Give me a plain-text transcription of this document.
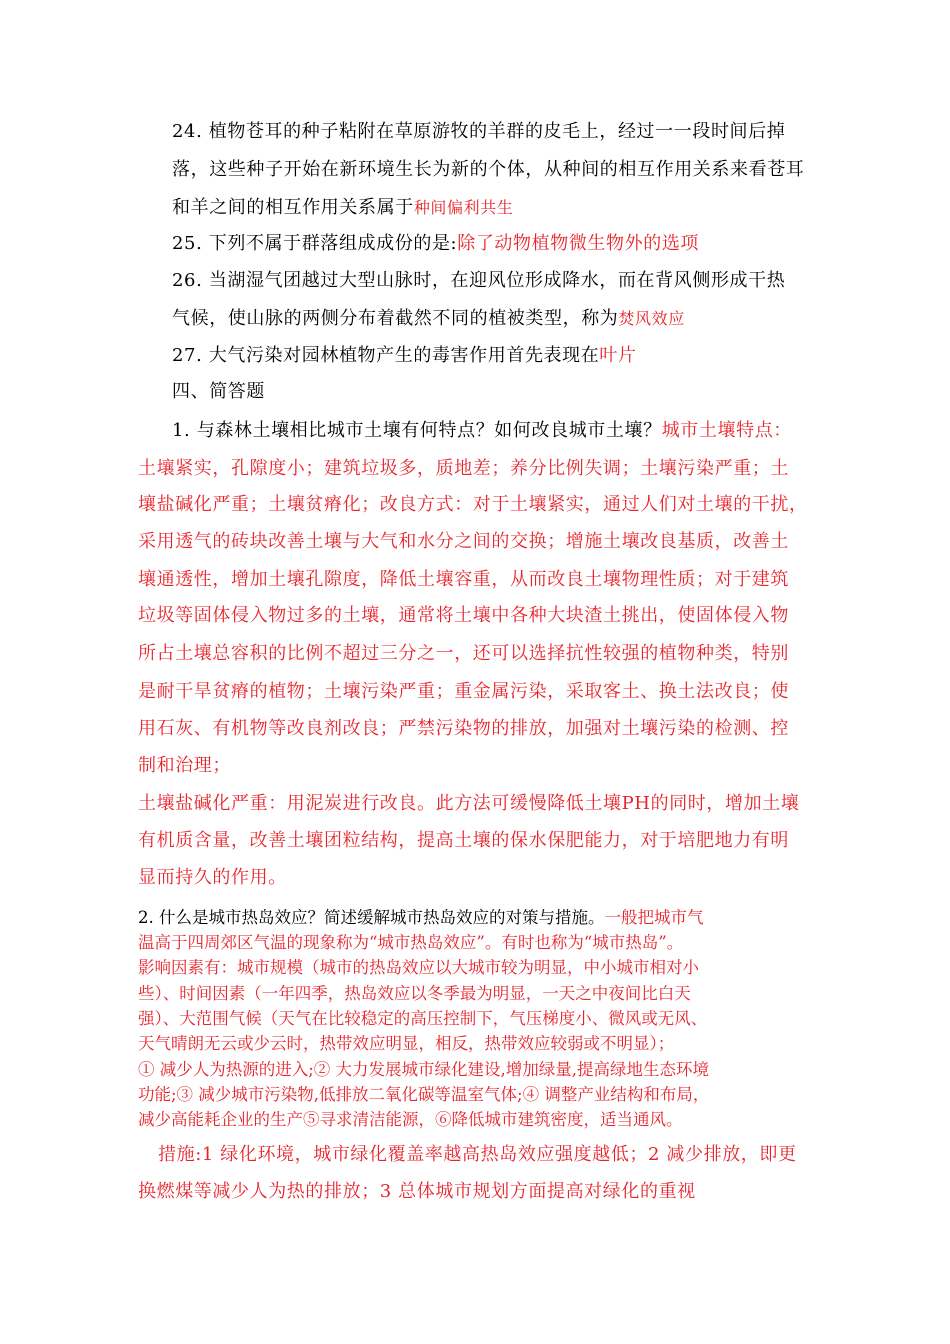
24. 植物苍耳的种子粘附在草原游牧的羊群的皮毛上，经过一一段时间后掉
落，这些种子开始在新环境生长为新的个体，从种间的相互作用关系来看苍耳
和羊之间的相互作用关系属于种间偏利共生
25. 下列不属于群落组成成份的是:除了动物植物微生物外的选项
26. 当湖湿气团越过大型山脉时，在迎风位形成降水，而在背风侧形成干热
气候，使山脉的两侧分布着截然不同的植被类型，称为焚风效应
27. 大气污染对园林植物产生的毒害作用首先表现在叶片
四、简答题
1. 与森林土壤相比城市土壤有何特点？如何改良城市土壤？城市土壤特点：
土壤紧实，孔隙度小；建筑垃圾多，质地差；养分比例失调；土壤污染严重；土
壤盐碱化严重；土壤贫瘠化；改良方式：对于土壤紧实，通过人们对土壤的干扰，
采用透气的砖块改善土壤与大气和水分之间的交换；增施土壤改良基质，改善土
壤通透性，增加土壤孔隙度，降低土壤容重，从而改良土壤物理性质；对于建筑
垃圾等固体侵入物过多的土壤，通常将土壤中各种大块渣土挑出，使固体侵入物
所占土壤总容积的比例不超过三分之一，还可以选择抗性较强的植物种类，特别
是耐干旱贫瘠的植物；土壤污染严重；重金属污染，采取客土、换土法改良；使
用石灰、有机物等改良剂改良；严禁污染物的排放，加强对土壤污染的检测、控
制和治理；
土壤盐碱化严重：用泥炭进行改良。此方法可缓慢降低土壤PH的同时，增加土壤
有机质含量，改善土壤团粒结构，提高土壤的保水保肥能力，对于培肥地力有明
显而持久的作用。
2. 什么是城市热岛效应？简述缓解城市热岛效应的对策与措施。一般把城市气
温高于四周郊区气温的现象称为“城市热岛效应”。有时也称为“城市热岛”。
影响因素有：城市规模（城市的热岛效应以大城市较为明显，中小城市相对小
些）、时间因素（一年四季，热岛效应以冬季最为明显，一天之中夜间比白天
强）、大范围气候（天气在比较稳定的高压控制下，气压梯度小、微风或无风、
天气晴朗无云或少云时，热带效应明显，相反，热带效应较弱或不明显）；
① 减少人为热源的进入;② 大力发展城市绿化建设,增加绿量,提高绿地生态环境
功能;③ 减少城市污染物,低排放二氧化碳等温室气体;④ 调整产业结构和布局，
减少高能耗企业的生产⑤寻求清洁能源，⑥降低城市建筑密度，适当通风。
措施:1 绿化环境，城市绿化覆盖率越高热岛效应强度越低；2 减少排放，即更
换燃煤等减少人为热的排放；3 总体城市规划方面提高对绿化的重视
